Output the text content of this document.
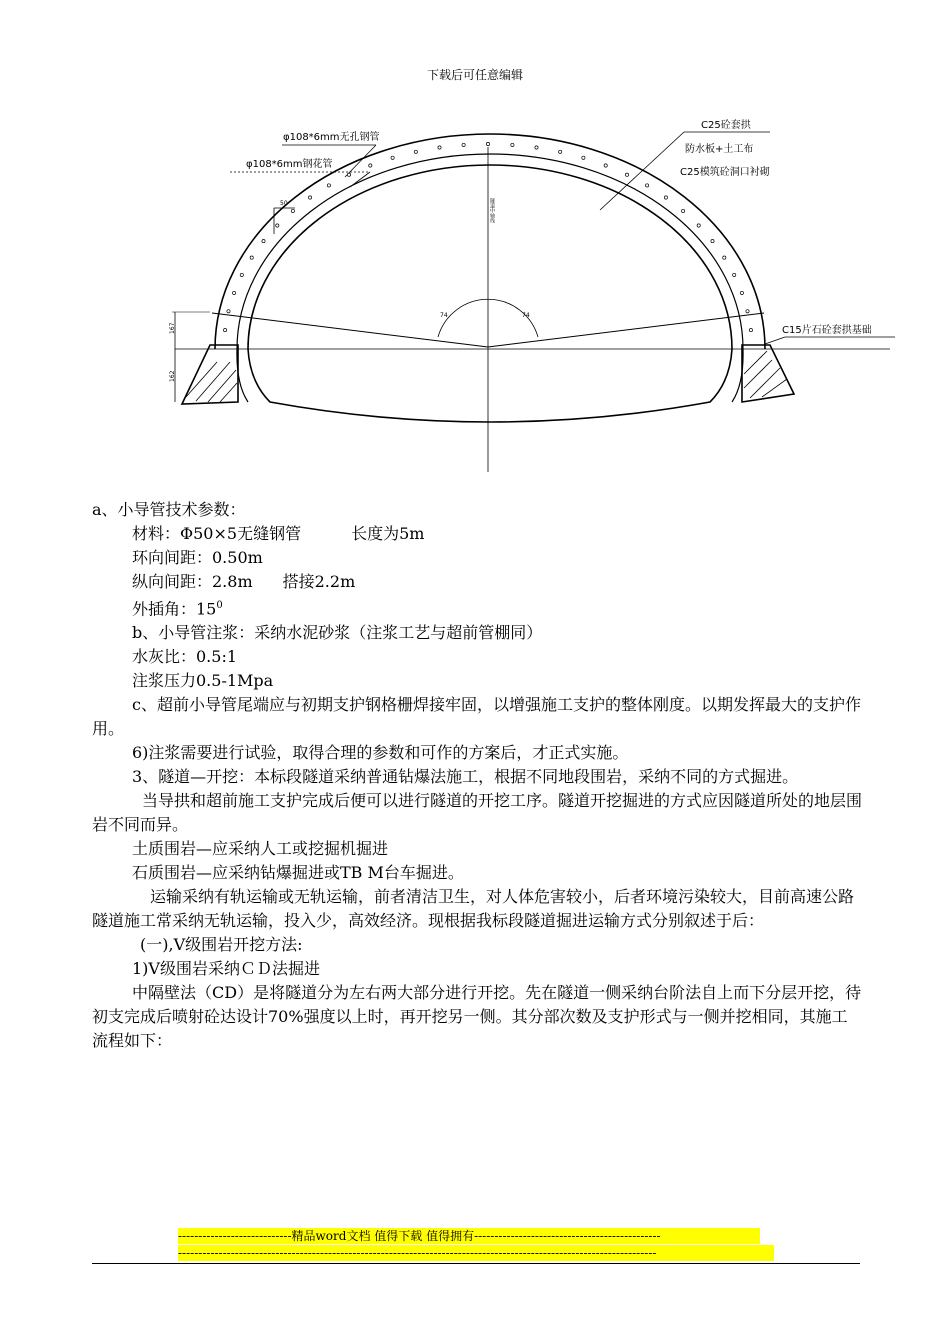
下载后可任意编辑
φ108*6mm无孔钢管
φ108*6mm钢花管
C25砼套拱
防水板+土工布
C25模筑砼洞口衬砌
C15片石砼套拱基础
50
74	74
167
162
隧道中轴线

a、小导管技术参数：

材料：Φ50×5无缝钢管	长度为5m

环向间距：0.50m

纵向间距：2.8m 搭接2.2m

外插角：$15^0$

b、小导管注浆：采纳水泥砂浆（注浆工艺与超前管棚同）

水灰比：0.5:1

注浆压力0.5-1Mpa

c、超前小导管尾端应与初期支护钢格栅焊接牢固，以增强施工支护的整体刚度。以期发挥最大的支护作用。

6)注浆需要进行试验，取得合理的参数和可作的方案后，才正式实施。

3、隧道—开挖：本标段隧道采纳普通钻爆法施工，根据不同地段围岩，采纳不同的方式掘进。

当导拱和超前施工支护完成后便可以进行隧道的开挖工序。隧道开挖掘进的方式应因隧道所处的地层围岩不同而异。

土质围岩—应采纳人工或挖掘机掘进

石质围岩—应采纳钻爆掘进或TB M台车掘进。

运输采纳有轨运输或无轨运输，前者清洁卫生，对人体危害较小，后者环境污染较大，目前高速公路隧道施工常采纳无轨运输，投入少，高效经济。现根据我标段隧道掘进运输方式分别叙述于后：

(一),Ⅴ级围岩开挖方法:

1)Ⅴ级围岩采纳ＣＤ法掘进

中隔壁法（CD）是将隧道分为左右两大部分进行开挖。先在隧道一侧采纳台阶法自上而下分层开挖，待初支完成后喷射砼达设计70%强度以上时，再开挖另一侧。其分部次数及支护形式与一侧并挖相同，其施工流程如下：

----------------------------精品word文档 值得下载 值得拥有----------------------------------------------
----------------------------------------------------------------------------------------------------------------------
